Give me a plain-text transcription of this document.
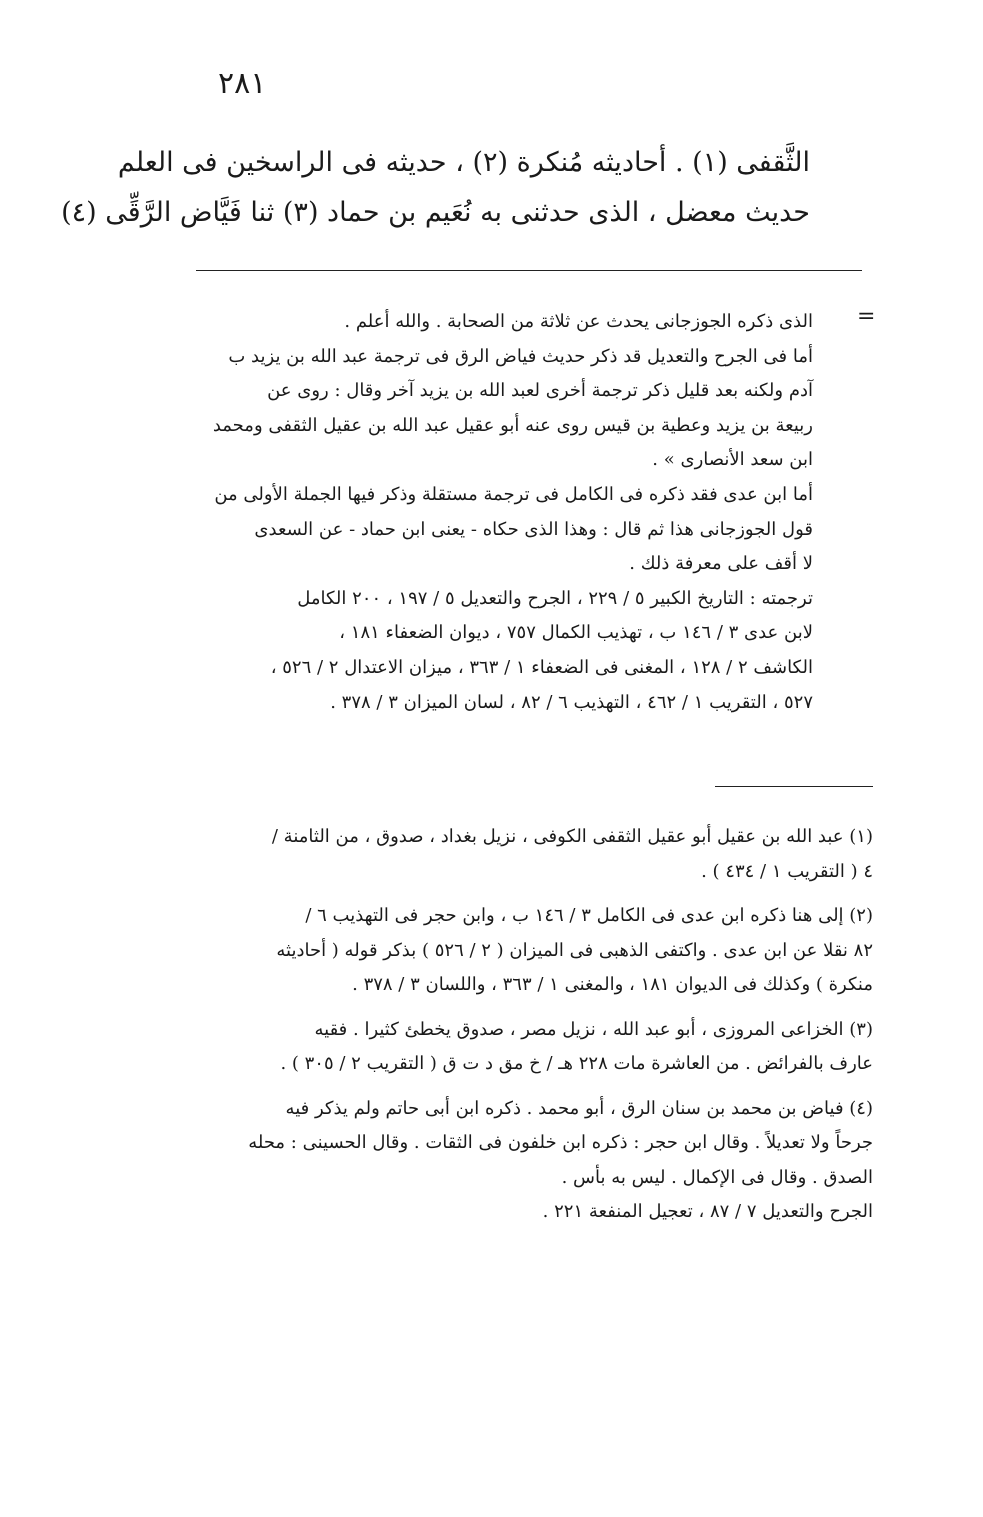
٢٨١
الثَّقفى (١) . أحاديثه مُنكرة (٢) ، حديثه فى الراسخين فى العلم
حديث معضل ، الذى حدثنى به نُعَيم بن حماد (٣) ثنا فَيَّاض الرَّقِّى (٤)
=
الذى ذكره الجوزجانى يحدث عن ثلاثة من الصحابة . والله أعلم .
أما فى الجرح والتعديل قد ذكر حديث فياض الرق فى ترجمة عبد الله بن يزيد ب
آدم ولكنه بعد قليل ذكر ترجمة أخرى لعبد الله بن يزيد آخر وقال : روى عن
ربيعة بن يزيد وعطية بن قيس روى عنه أبو عقيل عبد الله بن عقيل الثقفى ومحمد
ابن سعد الأنصارى » .
أما ابن عدى فقد ذكره فى الكامل فى ترجمة مستقلة وذكر فيها الجملة الأولى من
قول الجوزجانى هذا ثم قال : وهذا الذى حكاه - يعنى ابن حماد - عن السعدى
لا أقف على معرفة ذلك .
ترجمته : التاريخ الكبير ٥ / ٢٢٩ ، الجرح والتعديل ٥ / ١٩٧ ، ٢٠٠ الكامل
لابن عدى ٣ / ١٤٦ ب ، تهذيب الكمال ٧٥٧ ، ديوان الضعفاء ١٨١ ،
الكاشف ٢ / ١٢٨ ، المغنى فى الضعفاء ١ / ٣٦٣ ، ميزان الاعتدال ٢ / ٥٢٦ ،
٥٢٧ ، التقريب ١ / ٤٦٢ ، التهذيب ٦ / ٨٢ ، لسان الميزان ٣ / ٣٧٨ .
(١) عبد الله بن عقيل أبو عقيل الثقفى الكوفى ، نزيل بغداد ، صدوق ، من الثامنة /
٤ ( التقريب ١ / ٤٣٤ ) .
(٢) إلى هنا ذكره ابن عدى فى الكامل ٣ / ١٤٦ ب ، وابن حجر فى التهذيب ٦ /
٨٢ نقلا عن ابن عدى . واكتفى الذهبى فى الميزان ( ٢ / ٥٢٦ ) بذكر قوله ( أحاديثه
منكرة ) وكذلك فى الديوان ١٨١ ، والمغنى ١ / ٣٦٣ ، واللسان ٣ / ٣٧٨ .
(٣) الخزاعى المروزى ، أبو عبد الله ، نزيل مصر ، صدوق يخطئ كثيرا . فقيه
عارف بالفرائض . من العاشرة مات ٢٢٨ هـ / خ مق د ت ق ( التقريب ٢ / ٣٠٥ ) .
(٤) فياض بن محمد بن سنان الرق ، أبو محمد . ذكره ابن أبى حاتم ولم يذكر فيه
جرحاً ولا تعديلاً . وقال ابن حجر : ذكره ابن خلفون فى الثقات . وقال الحسينى : محله
الصدق . وقال فى الإكمال . ليس به بأس .
الجرح والتعديل ٧ / ٨٧ ، تعجيل المنفعة ٢٢١ .
